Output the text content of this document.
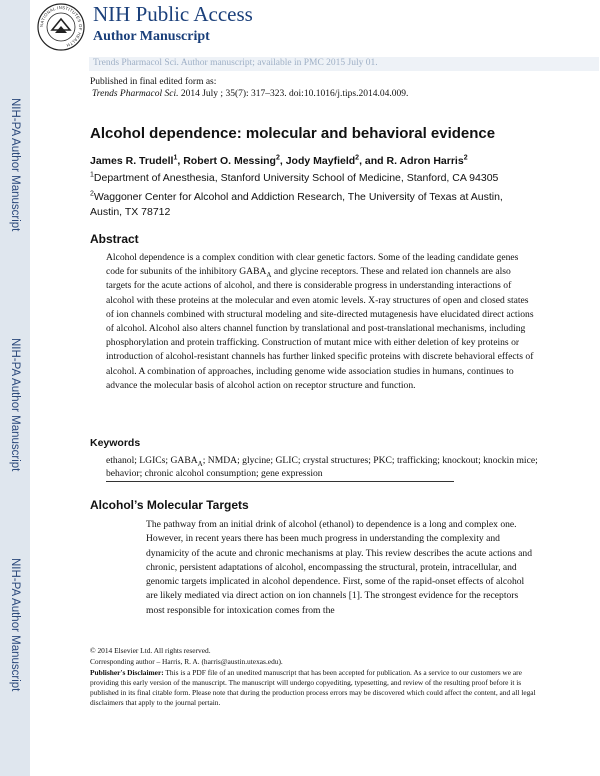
NIH-PA Author Manuscript
NIH-PA Author Manuscript
NIH-PA Author Manuscript
NATIONAL INSTITUTES OF HEALTH
NIH Public Access
Author Manuscript
Trends Pharmacol Sci. Author manuscript; available in PMC 2015 July 01.
Published in final edited form as:
Trends Pharmacol Sci. 2014 July ; 35(7): 317–323. doi:10.1016/j.tips.2014.04.009.
Alcohol dependence: molecular and behavioral evidence
James R. Trudell$^1$, Robert O. Messing$^2$, Jody Mayfield$^2$, and R. Adron Harris$^2$
$^1$Department of Anesthesia, Stanford University School of Medicine, Stanford, CA 94305
$^2$Waggoner Center for Alcohol and Addiction Research, The University of Texas at Austin, Austin, TX 78712
Abstract

Alcohol dependence is a complex condition with clear genetic factors. Some of the leading candidate genes code for subunits of the inhibitory $GABA_A$ and glycine receptors. These and related ion channels are also targets for the acute actions of alcohol, and there is considerable progress in understanding interactions of alcohol with these proteins at the molecular and even atomic levels. X-ray structures of open and closed states of ion channels combined with structural modeling and site-directed mutagenesis have elucidated direct actions of alcohol. Alcohol also alters channel function by translational and post-translational mechanisms, including phosphorylation and protein trafficking. Construction of mutant mice with either deletion of key proteins or introduction of alcohol-resistant channels has further linked specific proteins with discrete behavioral effects of alcohol. A combination of approaches, including genome wide association studies in humans, continues to advance the molecular basis of alcohol action on receptor structure and function.

Keywords

ethanol; LGICs; $GABA_A$; NMDA; glycine; GLIC; crystal structures; PKC; trafficking; knockout; knockin mice; behavior; chronic alcohol consumption; gene expression

Alcohol’s Molecular Targets

The pathway from an initial drink of alcohol (ethanol) to dependence is a long and complex one. However, in recent years there has been much progress in understanding the complexity and dynamicity of the acute and chronic mechanisms at play. This review describes the acute actions and chronic, persistent adaptations of alcohol, encompassing the structural, protein, intracellular, and genomic targets implicated in alcohol dependence. First, some of the rapid-onset effects of alcohol are likely mediated via direct action on ion channels [1]. The strongest evidence for the receptors most responsible for intoxication comes from the

© 2014 Elsevier Ltd. All rights reserved.

Corresponding author – Harris, R. A. (harris@austin.utexas.edu).

Publisher's Disclaimer: This is a PDF file of an unedited manuscript that has been accepted for publication. As a service to our customers we are providing this early version of the manuscript. The manuscript will undergo copyediting, typesetting, and review of the resulting proof before it is published in its final citable form. Please note that during the production process errors may be discovered which could affect the content, and all legal disclaimers that apply to the journal pertain.
